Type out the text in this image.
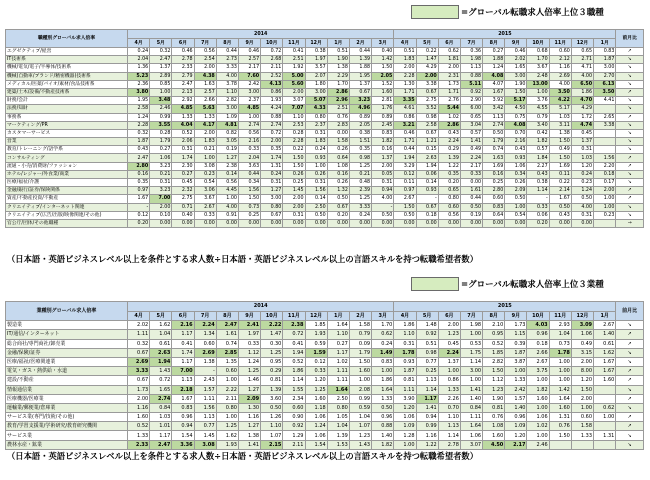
=グローバル転職求人倍率上位３職種
職種別グローバル求人倍率	2014												2015										前月比
	4月	5月	6月	7月	8月	9月	10月	11月	12月	1月	2月	3月	4月	5月	6月	7月	8月	9月	10月	11月	12月	1月	
エグゼクティブ/経営	0.24	0.32	0.46	0.56	0.44	0.46	0.72	0.41	0.38	0.51	0.44	0.40	0.51	0.22	0.62	0.36	0.27	0.46	0.68	0.60	0.65	0.83	↗
IT技術系	2.04	2.47	2.78	2.54	2.73	2.57	2.68	2.51	1.97	1.90	1.39	1.42	1.83	1.47	1.81	1.98	1.88	2.02	1.70	2.12	2.71	1.87	↘
機械/電気/電子/半導体/技術系	1.36	1.37	2.33	2.00	3.33	2.17	2.11	1.92	3.57	1.38	1.88	1.50	2.00	4.29	2.00	1.13	1.24	1.65	3.67	1.16	4.71	3.00	↘
機械(自動車/ブランド/精密機器)技術系	5.23	2.89	2.79	4.38	4.00	7.60	2.52	5.00	2.07	2.29	1.95	2.05	2.28	2.00	2.31	0.88	4.08	3.00	2.48	2.69	4.00	2.70	↘
メディカル/医薬/バイオ/素材/食品技術系	2.36	0.85	2.47	1.63	3.78	2.42	4.13	5.60	1.80	1.70	1.37	1.52	1.30	3.38	1.73	5.11	4.07	1.90	13.00	4.00	6.50	6.13	↘
建築/土木/設備/不動産技術系	3.80	1.00	2.13	2.57	1.10	3.00	0.86	2.00	3.00	2.86	0.67	1.60	1.71	0.67	1.71	0.92	1.67	1.50	1.00	3.50	1.86	3.50	↗
財務/会計	1.95	3.48	2.92	2.66	2.82	2.37	1.93	3.07	5.07	2.96	3.23	2.81	3.35	2.75	2.76	2.90	3.92	5.17	3.76	4.22	4.70	4.41	↘
法務/知財	2.58	2.46	4.85	5.63	3.00	4.85	4.24	7.07	4.33	2.51	4.96	1.76	4.61	3.52	5.44	6.00	3.42	4.50	4.55	5.17	4.29		↘
事務系	1.24	0.99	1.33	1.33	1.09	1.00	0.88	1.10	0.80	0.76	0.89	0.89	0.86	0.98	1.02	0.65	1.13	0.75	0.79	1.03	1.72	2.65	↗
マーケティング/PR	2.28	3.55	4.04	4.17	4.81	2.74	2.74	2.53	2.37	2.83	2.05	2.45	3.21	2.58	2.86	3.04	2.74	4.08	3.40	3.11	4.74	3.38	↘
カスタマーサービス	0.32	0.28	0.52	2.00	0.82	0.56	0.72	0.28	0.31	0.00	0.38	0.83	0.46	0.67	0.43	0.57	0.50	0.70	0.42	1.38	0.45		↘
営業	1.87	1.79	2.06	1.83	3.05	2.16	2.00	2.28	1.83	1.58	1.51	1.82	1.71	1.21	2.24	1.41	1.79	2.16	1.82	1.50	1.37		↘
教育/トレーニング/語学系	0.43	0.27	0.31	0.21	0.19	0.33	0.35	0.22	0.24	0.26	0.35	0.16	0.44	0.15	0.29	0.49	0.74	0.43	0.57	0.49	0.31		↘
コンサルティング	2.47	1.06	1.74	1.00	1.27	2.04	1.74	1.50	0.93	0.64	0.98	1.37	1.94	2.63	1.39	2.24	1.63	0.93	1.84	1.50	1.03	1.56	↗
流通・小売/消費財/ファッション	2.80	3.23	2.30	3.08	2.38	3.63	1.31	1.50	1.00	1.08	1.25	2.00	3.29	1.94	1.22	2.17	1.69	1.06	2.27	1.69	1.20	2.20	↗
ホテル/レジャー/外食業/商業	0.16	0.21	0.27	0.23	0.14	0.44	0.24	0.26	0.26	0.16	0.21	0.05	0.12	0.06	0.35	0.33	0.16	0.34	0.43	0.11	0.24	0.18	↘
医療/福祉/介護	0.35	0.31	0.45	0.54	0.56	0.34	0.31	0.25	0.31	0.26	0.48	0.31	0.11	0.14	0.20	0.00	0.25	0.26	0.38	0.22	0.23	0.17	↘
金融/銀行/証券/保険関係	0.97	3.23	2.32	3.06	4.45	1.56	1.27	1.45	1.56	1.32	2.39	0.94	0.97	0.93	0.65	1.61	2.80	2.09	1.14	2.14	1.24	2.00	↗
資産/不動産投資/不動産	1.67	7.00	2.75	3.67	1.00	1.50	3.00	2.00	0.14	0.50	1.25	4.00	2.67	-	0.80	0.44	0.60	0.50	-	1.67	0.50	1.00	↗
クリエイティブ/インターネット関連	-	2.00	0.71	2.67	4.00	0.73	0.80	2.00	2.50	0.67	3.33	-	1.50	0.67	0.60	0.50	0.83	1.00	0.33	0.50	4.00	1.00	↘
クリエイティブ(広告/出版/映像関連/その他)	0.12	0.10	0.40	0.33	0.91	0.25	0.67	0.31	0.50	0.20	0.24	0.50	0.50	0.18	0.56	0.19	0.64	0.54	0.06	0.43	0.31	0.23	↘
官公庁/団体/その他職種	0.20	0.00	0.00	0.00	0.00	0.00	0.00	0.00	0.00	0.00	0.00	0.00	0.00	0.00	0.00	0.00	0.00	0.00	0.20	0.00	0.00		→
（日本語・英語ビジネスレベル以上を条件とする求人数÷日本語・英語ビジネスレベル以上の言語スキルを持つ転職希望者数）
=グローバル転職求人倍率上位３業種
業種別グローバル求人倍率	2014												2015										前月比
	4月	5月	6月	7月	8月	9月	10月	11月	12月	1月	2月	3月	4月	5月	6月	7月	8月	9月	10月	11月	12月	1月	
製造業	2.02	1.62	2.16	2.24	2.47	2.41	2.22	2.38	1.85	1.64	1.58	1.70	1.86	1.48	2.00	1.98	2.10	1.73	4.03	2.93	3.09	2.67	↘
IT/通信/インターネット	1.11	1.04	1.17	1.34	1.61	1.97	1.47	0.72	1.93	1.10	0.79	0.62	1.10	0.92	1.23	1.00	0.95	1.15	0.96	1.04	1.06	1.40	↗
総合商社/専門商社/卸売業	0.32	0.61	0.41	0.60	0.74	0.33	0.30	0.41	0.59	0.27	0.09	0.24	0.31	0.51	0.45	0.53	0.52	0.39	0.18	0.73	0.49	0.61	↗
金融/保険/証券	0.67	2.63	1.74	2.69	2.85	1.12	1.25	1.94	1.59	1.17	1.79	1.49	1.78	0.98	2.24	1.75	1.85	1.87	2.66	1.78	3.15	1.62	↘
医療/福祉/医療関連業	2.69	1.94	1.17	1.38	1.35	1.24	0.95	0.52	0.12	1.02	1.50	0.83	0.93	0.77	1.37	1.14	2.82	3.87	2.67	1.00	2.00	1.67	↘
電気・ガス・熱供給・水道	3.33	1.43	7.00	-	0.60	1.25	0.29	1.86	0.33	1.11	1.60	1.00	1.87	0.25	1.00	3.00	1.50	1.00	3.75	1.00	8.00	1.67	↗
建設/不動産	0.67	0.72	1.13	2.43	1.00	1.46	0.81	1.14	1.20	1.11	1.00	1.86	0.81	1.13	0.86	1.00	1.12	1.33	1.00	1.00	1.20	1.60	↗
情報通信業	1.73	1.65	2.18	1.57	2.22	1.27	1.39	1.55	1.25	1.64	2.08	1.64	1.11	1.14	1.33	1.41	1.23	2.42	1.82	1.42	1.50		↘
医療機器/医療業	2.00	2.74	1.67	1.11	2.11	2.09	3.60	2.34	1.60	2.50	0.99	1.33	3.90	1.17	2.26	1.40	1.90	1.57	1.60	1.64	2.00		↗
運輸業/郵便業/倉庫業	1.16	0.84	0.83	1.56	0.80	1.30	0.50	0.60	1.18	0.80	0.59	0.50	1.20	1.41	0.70	0.84	0.81	1.40	1.00	1.60	1.00	0.62	↘
サービス業(専門/技術/その他)	1.60	1.03	0.96	1.13	1.00	1.16	1.26	0.90	1.06	1.05	1.04	0.96	1.06	0.94	1.10	1.11	0.76	0.96	1.06	1.31	0.60	1.00	↗
教育/学習支援業/学術研究/教育研究機関	0.52	1.01	0.94	0.77	1.25	1.27	1.10	0.92	1.24	1.04	1.07	0.88	1.09	0.99	1.13	1.64	1.08	1.09	1.02	0.76	1.58		↗
サービス業	1.33	1.17	1.54	1.45	1.62	1.38	1.07	1.29	1.06	1.39	1.23	1.40	1.28	1.16	1.14	1.06	1.60	1.20	1.00	1.50	1.33	1.31	↘
農林水産・鉱業	2.33	2.47	3.36	3.08	1.93	1.41	2.15	2.11	1.54	1.53	1.43	1.82	1.00	1.22	2.78	3.07	4.50	2.17	2.46				↘
（日本語・英語ビジネスレベル以上を条件とする求人数÷日本語・英語ビジネスレベル以上の言語スキルを持つ転職希望者数）
